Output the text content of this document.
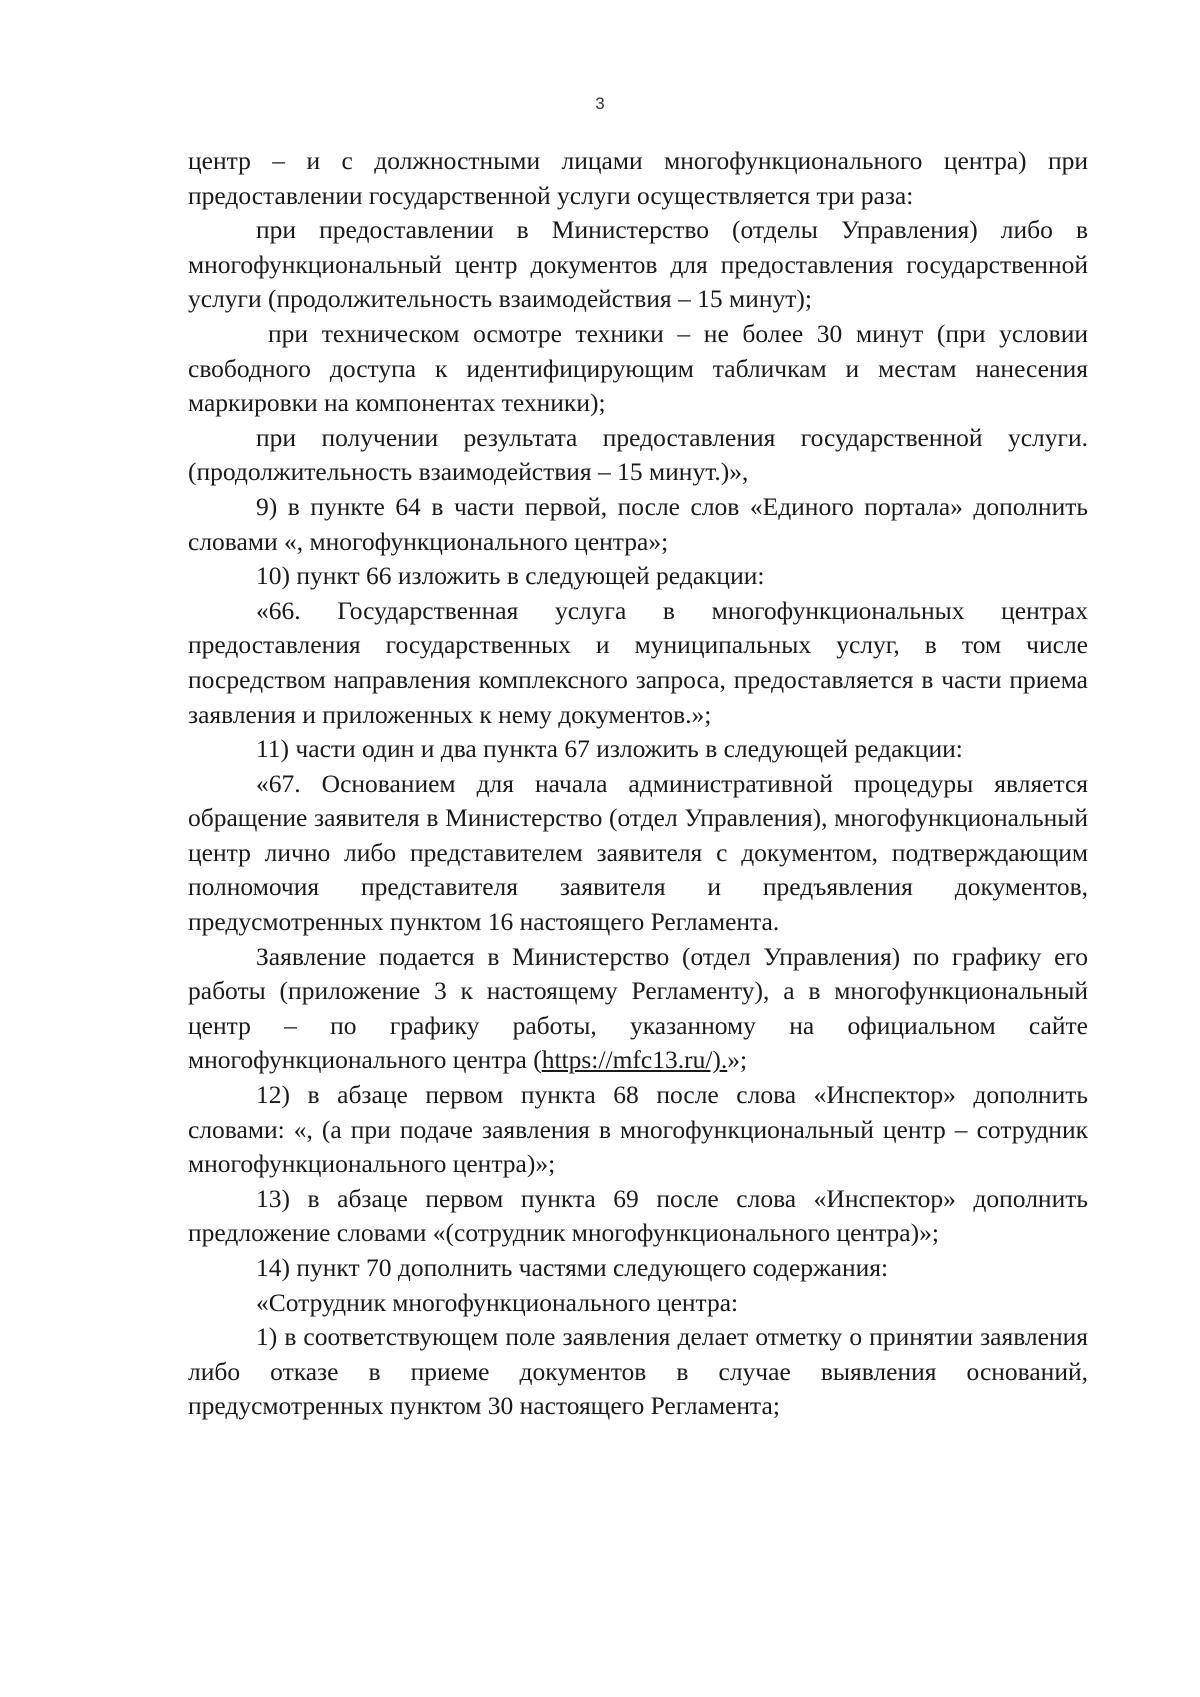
3

центр – и с должностными лицами многофункционального центра) при предоставлении государственной услуги осуществляется три раза:

при предоставлении в Министерство (отделы Управления) либо в многофункциональный центр документов для предоставления государственной услуги (продолжительность взаимодействия – 15 минут);

при техническом осмотре техники – не более 30 минут (при условии свободного доступа к идентифицирующим табличкам и местам нанесения маркировки на компонентах техники);

при получении результата предоставления государственной услуги. (продолжительность взаимодействия – 15 минут.)»,

9) в пункте 64 в части первой, после слов «Единого портала» дополнить словами «, многофункционального центра»;

10) пункт 66 изложить в следующей редакции:

«66. Государственная услуга в многофункциональных центрах предоставления государственных и муниципальных услуг, в том числе посредством направления комплексного запроса, предоставляется в части приема заявления и приложенных к нему документов.»;

11) части один и два пункта 67 изложить в следующей редакции:

«67. Основанием для начала административной процедуры является обращение заявителя в Министерство (отдел Управления), многофункциональный центр лично либо представителем заявителя с документом, подтверждающим полномочия представителя заявителя и предъявления документов, предусмотренных пунктом 16 настоящего Регламента.

Заявление подается в Министерство (отдел Управления) по графику его работы (приложение 3 к настоящему Регламенту), а в многофункциональный центр – по графику работы, указанному на официальном сайте многофункционального центра (https://mfc13.ru/).»;

12) в абзаце первом пункта 68 после слова «Инспектор» дополнить словами: «, (а при подаче заявления в многофункциональный центр – сотрудник многофункционального центра)»;

13) в абзаце первом пункта 69 после слова «Инспектор» дополнить предложение словами «(сотрудник многофункционального центра)»;

14) пункт 70 дополнить частями следующего содержания:

«Сотрудник многофункционального центра:

1) в соответствующем поле заявления делает отметку о принятии заявления либо отказе в приеме документов в случае выявления оснований, предусмотренных пунктом 30 настоящего Регламента;
